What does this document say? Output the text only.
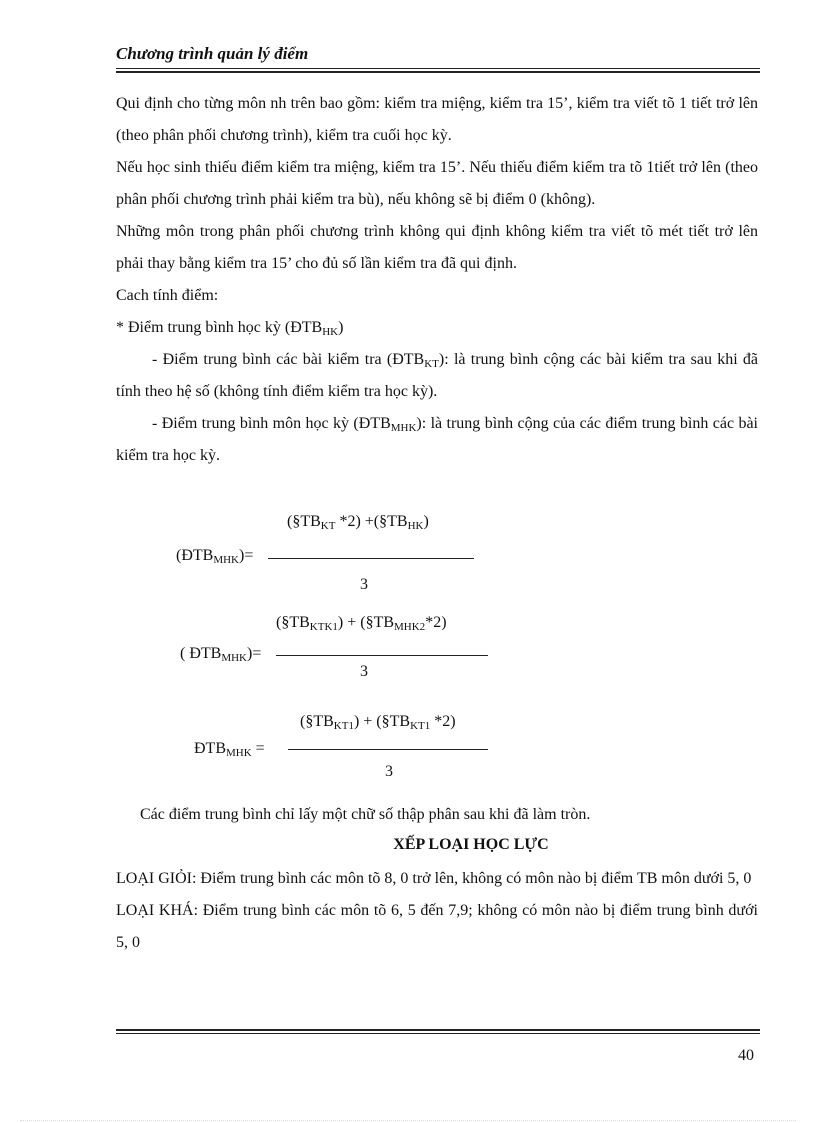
Chương trình quản lý điểm

Qui định cho từng môn nh trên bao gồm: kiểm tra miệng, kiểm tra 15’, kiểm tra viết tõ 1 tiết trở lên (theo phân phối chương trình), kiểm tra cuối học kỳ.

Nếu học sinh thiếu điểm kiểm tra miệng, kiểm tra 15’. Nếu thiếu điểm kiểm tra tõ 1tiết trở lên (theo phân phối chương trình phải kiểm tra bù), nếu không sẽ bị điểm 0 (không).

Những môn trong phân phối chương trình không qui định không kiểm tra viết tõ mét tiết trở lên phải thay bằng kiểm tra 15’ cho đủ số lần kiểm tra đã qui định.

Cach tính điểm:

* Điểm trung bình học kỳ $(ĐTB_{HK})$

- Điểm trung bình các bài kiểm tra $(ĐTB_{KT})$: là trung bình cộng các bài kiểm tra sau khi đã tính theo hệ số (không tính điểm kiểm tra học kỳ).

- Điểm trung bình môn học kỳ $(ĐTB_{MHK})$: là trung bình cộng của các điểm trung bình các bài kiểm tra học kỳ.

($\S TB_{KT}$ $*2) +(\S TB_{HK})$
$(ĐTB_{MHK})=$
3
$(\S TB_{KTK1})$ + $(\S TB_{MHK2}*2)$
( $ĐTB_{MHK})=$
3
$(\S TB_{KT1})$ + ($\S TB_{KT1}$ *2)
$ĐTB_{MHK}$ =
3

Các điểm trung bình chỉ lấy một chữ số thập phân sau khi đã làm tròn.

XẾP LOẠI HỌC LỰC

LOẠI GIỎI: Điểm trung bình các môn tõ 8, 0 trở lên, không có môn nào bị điểm TB môn dưới 5, 0

LOẠI KHÁ: Điểm trung bình các môn tõ 6, 5 đến 7,9; không có môn nào bị điểm trung bình dưới 5, 0

40
